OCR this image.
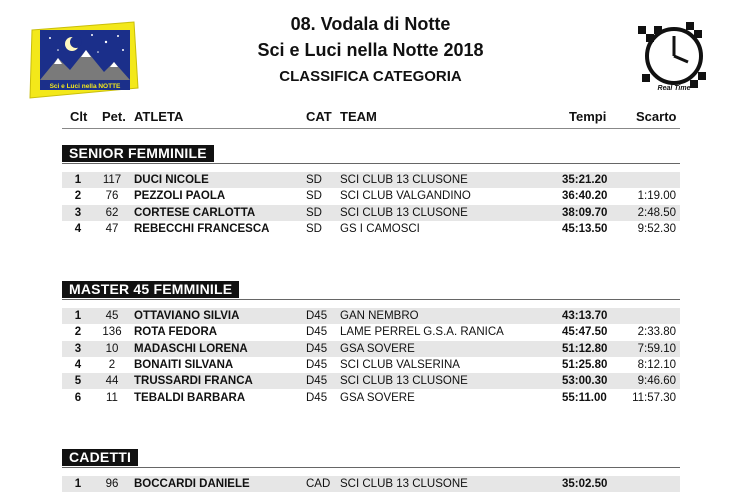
08. Vodala di Notte
Sci e Luci nella Notte 2018
CLASSIFICA CATEGORIA
Sci e Luci nella NOTTE	Real Time
Clt Pet. ATLETA	CAT TEAM	Tempi Scarto
SENIOR FEMMINILE
1	117	DUCI NICOLE	SD SCI CLUB 13 CLUSONE	35:21.20
2	76	PEZZOLI PAOLA	SD SCI CLUB VALGANDINO	36:40.20	1:19.00
3	62	CORTESE CARLOTTA	SD SCI CLUB 13 CLUSONE	38:09.70	2:48.50
4	47	REBECCHI FRANCESCA	SD GS I CAMOSCI	45:13.50	9:52.30
MASTER 45 FEMMINILE
1	45	OTTAVIANO SILVIA	D45 GAN NEMBRO	43:13.70
2	136	ROTA FEDORA	D45 LAME PERREL G.S.A. RANICA	45:47.50	2:33.80
3	10	MADASCHI LORENA	D45 GSA SOVERE	51:12.80	7:59.10
4	2	BONAITI SILVANA	D45 SCI CLUB VALSERINA	51:25.80	8:12.10
5	44	TRUSSARDI FRANCA	D45 SCI CLUB 13 CLUSONE	53:00.30	9:46.60
6	11	TEBALDI BARBARA	D45 GSA SOVERE	55:11.00 11:57.30
CADETTI
1	96	BOCCARDI DANIELE	CAD SCI CLUB 13 CLUSONE	35:02.50
